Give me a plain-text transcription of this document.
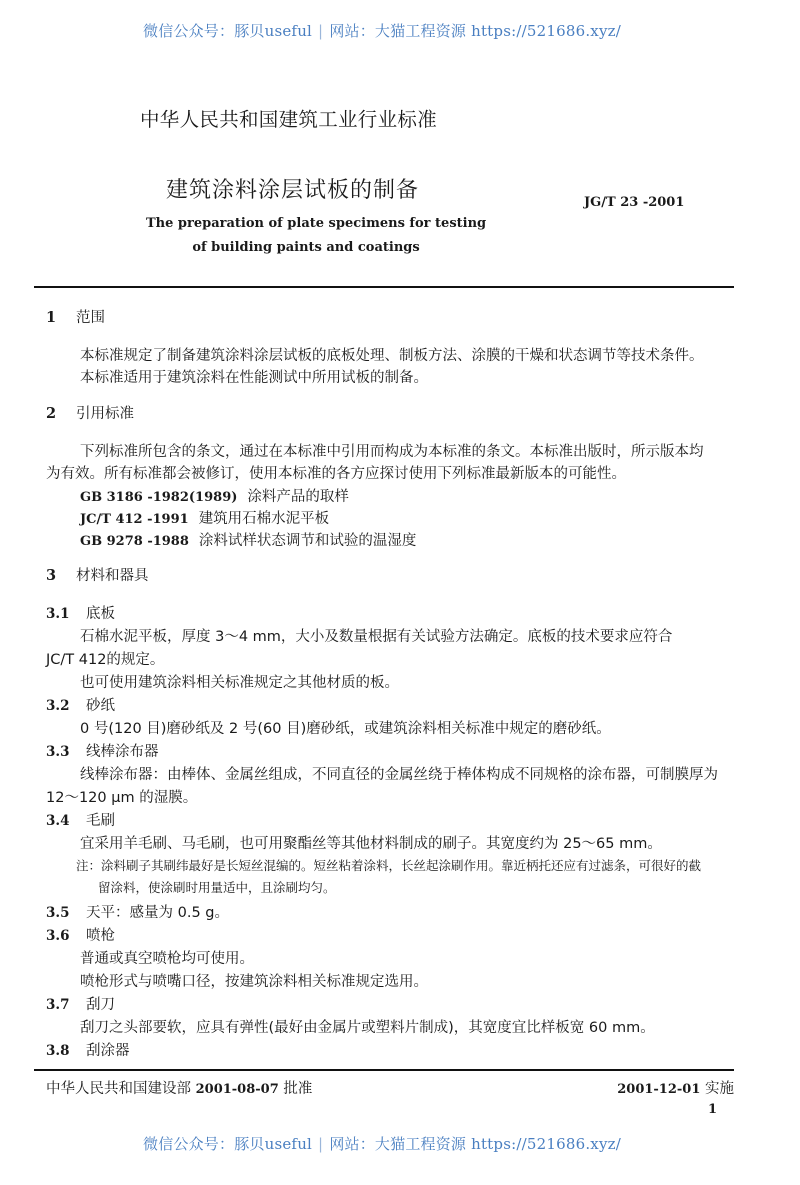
微信公众号：豚贝useful | 网站：大猫工程资源 https://521686.xyz/
中华人民共和国建筑工业行业标准
建筑涂料涂层试板的制备	JG/T 23 -2001
The preparation of plate specimens for testing
of building paints and coatings
1 范围
本标准规定了制备建筑涂料涂层试板的底板处理、制板方法、涂膜的干燥和状态调节等技术条件。
本标准适用于建筑涂料在性能测试中所用试板的制备。
2 引用标准
下列标准所包含的条文，通过在本标准中引用而构成为本标准的条文。本标准出版时，所示版本均
为有效。所有标准都会被修订，使用本标准的各方应探讨使用下列标准最新版本的可能性。
GB 3186 -1982(1989) 涂料产品的取样
JC/T 412 -1991 建筑用石棉水泥平板
GB 9278 -1988 涂料试样状态调节和试验的温湿度
3 材料和器具
3.1 底板
石棉水泥平板，厚度 3～4 mm，大小及数量根据有关试验方法确定。底板的技术要求应符合
JC/T 412的规定。
也可使用建筑涂料相关标准规定之其他材质的板。
3.2 砂纸
0 号(120 目)磨砂纸及 2 号(60 目)磨砂纸，或建筑涂料相关标准中规定的磨砂纸。
3.3 线棒涂布器
线棒涂布器：由棒体、金属丝组成，不同直径的金属丝绕于棒体构成不同规格的涂布器，可制膜厚为
12～120 μm 的湿膜。
3.4 毛刷
宜采用羊毛刷、马毛刷，也可用聚酯丝等其他材料制成的刷子。其宽度约为 25～65 mm。
注：涂料刷子其刷纬最好是长短丝混编的。短丝粘着涂料，长丝起涂刷作用。靠近柄托还应有过滤条，可很好的截
留涂料，使涂刷时用量适中，且涂刷均匀。
3.5 天平：感量为 0.5 g。
3.6 喷枪
普通或真空喷枪均可使用。
喷枪形式与喷嘴口径，按建筑涂料相关标准规定选用。
3.7 刮刀
刮刀之头部要软，应具有弹性(最好由金属片或塑料片制成)，其宽度宜比样板宽 60 mm。
3.8 刮涂器
中华人民共和国建设部 2001-08-07 批准	2001-12-01 实施
1
微信公众号：豚贝useful | 网站：大猫工程资源 https://521686.xyz/
